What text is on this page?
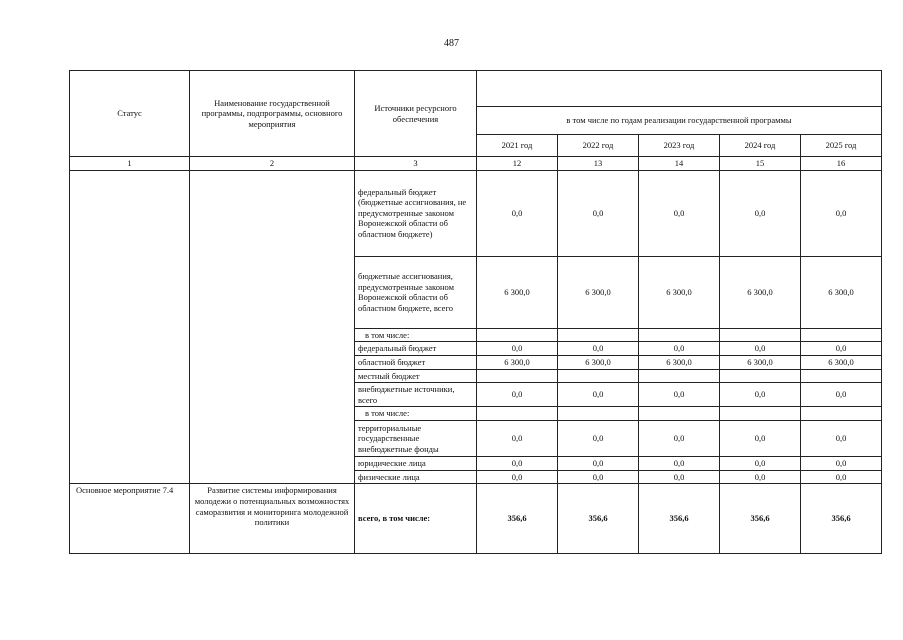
487
Статус	Наименование государственной программы, подпрограммы, основного мероприятия	Источники ресурсного обеспечения					
			в том числе по годам реализации государственной программы				
			2021 год	2022 год	2023 год	2024 год	2025 год
1	2	3	12	13	14	15	16
		федеральный бюджет (бюджетные ассигнования, не предусмотренные законом Воронежской области об областном бюджете)	0,0	0,0	0,0	0,0	0,0
		бюджетные ассигнования, предусмотренные законом Воронежской области об областном бюджете, всего	6 300,0	6 300,0	6 300,0	6 300,0	6 300,0
		в том числе:					
		федеральный бюджет	0,0	0,0	0,0	0,0	0,0
		областной бюджет	6 300,0	6 300,0	6 300,0	6 300,0	6 300,0
		местный бюджет					
		внебюджетные источники, всего	0,0	0,0	0,0	0,0	0,0
		в том числе:					
		территориальные государственные внебюджетные фонды	0,0	0,0	0,0	0,0	0,0
		юридические лица	0,0	0,0	0,0	0,0	0,0
		физические лица	0,0	0,0	0,0	0,0	0,0
Основное мероприятие 7.4	Развитие системы информирования молодежи о потенциальных возможностях саморазвития и мониторинга молодежной политики	всего, в том числе:	356,6	356,6	356,6	356,6	356,6
